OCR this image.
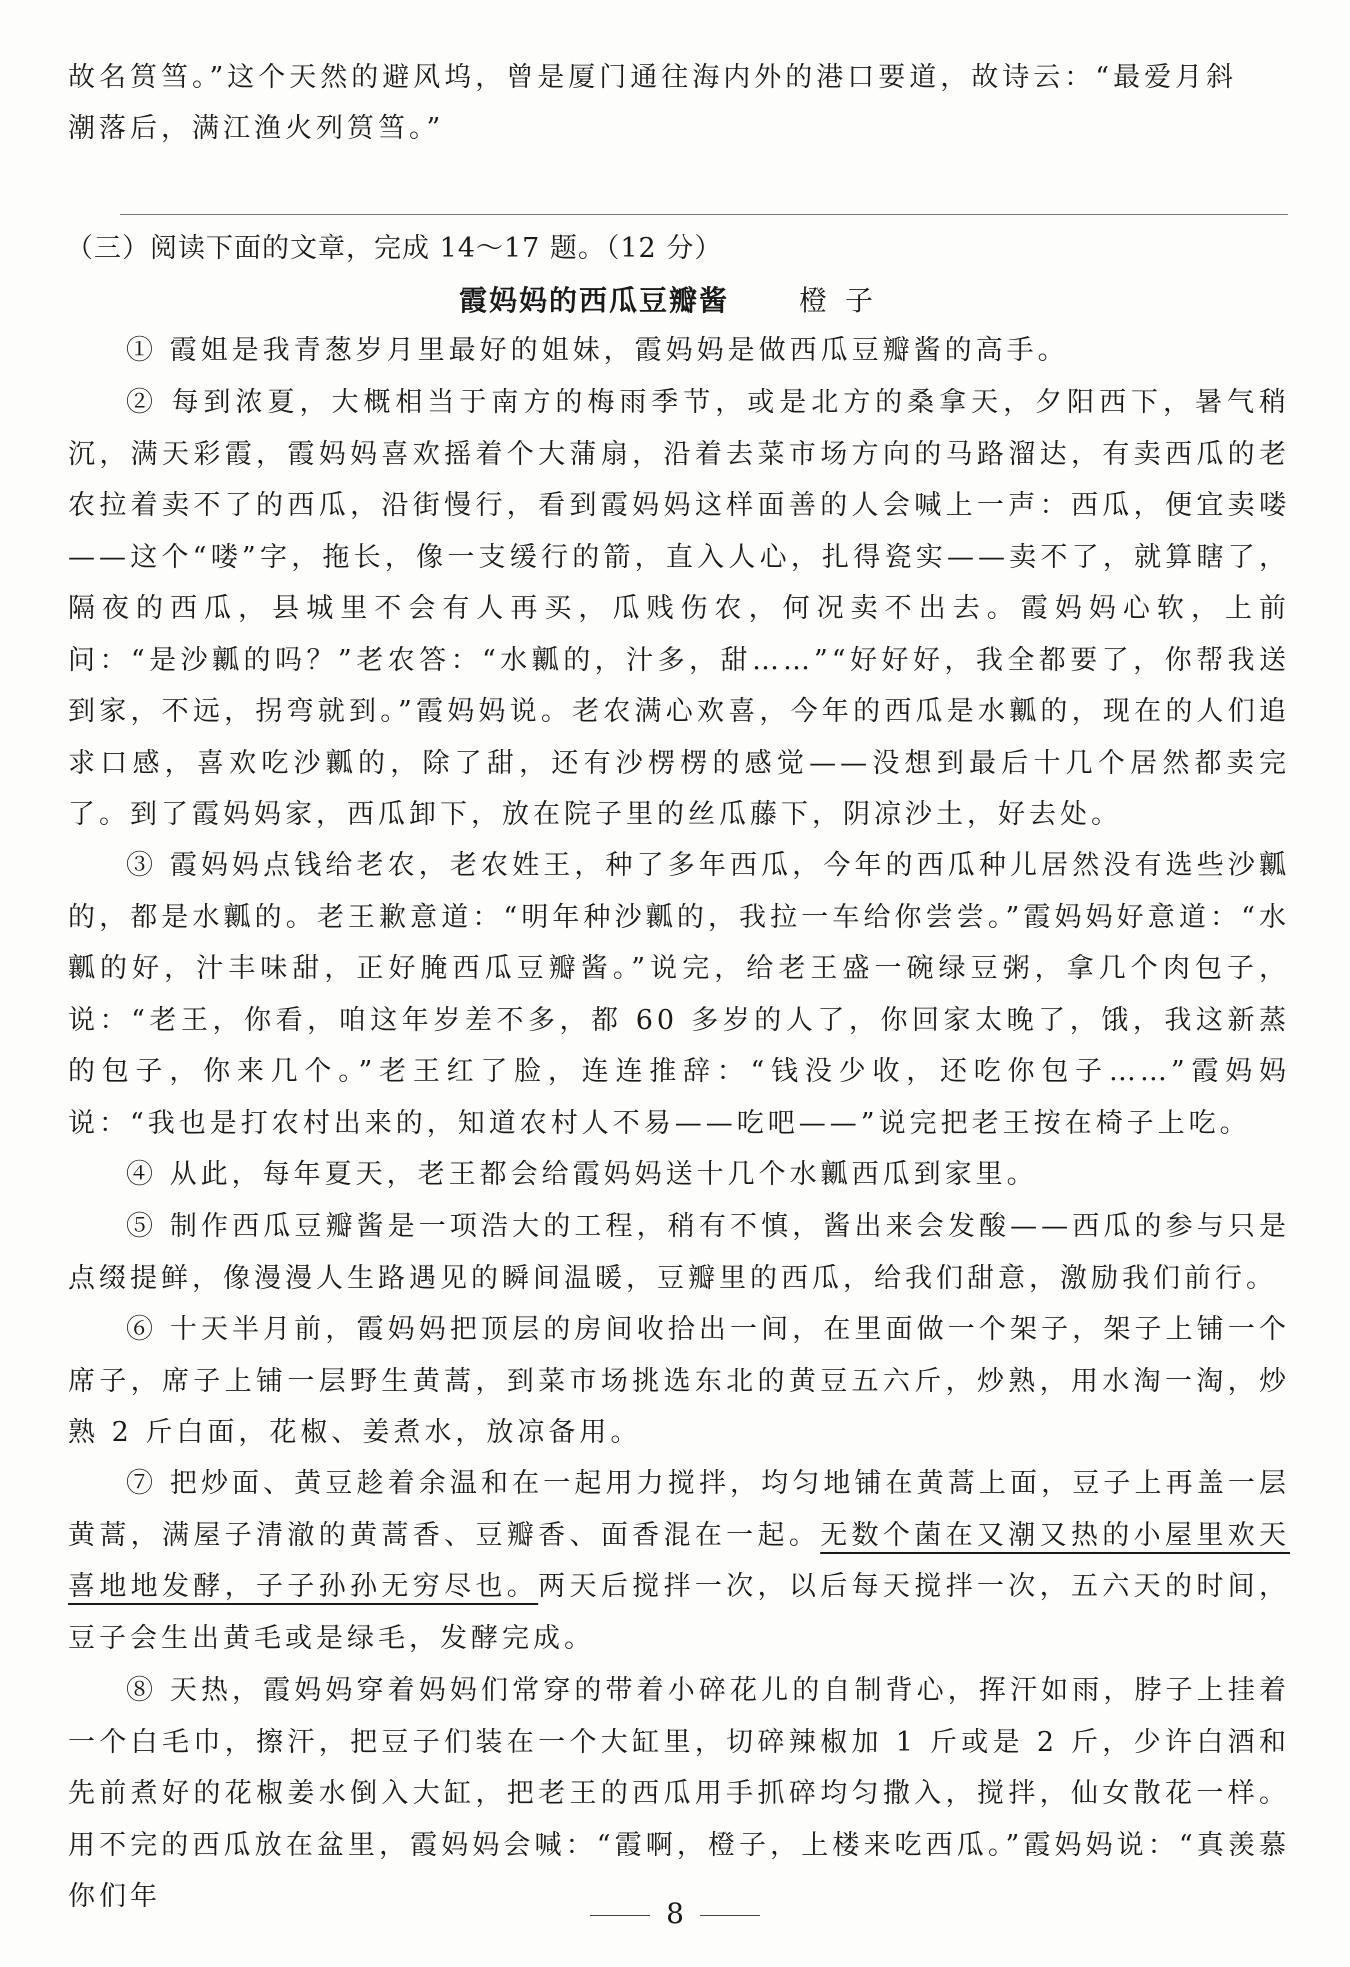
故名筼筜。”这个天然的避风坞，曾是厦门通往海内外的港口要道，故诗云：“最爱月斜

潮落后，满江渔火列筼筜。”

（三）阅读下面的文章，完成 14～17 题。（12 分）
霞妈妈的西瓜豆瓣酱	橙子

① 霞姐是我青葱岁月里最好的姐妹，霞妈妈是做西瓜豆瓣酱的高手。

② 每到浓夏，大概相当于南方的梅雨季节，或是北方的桑拿天，夕阳西下，暑气稍沉，满天彩霞，霞妈妈喜欢摇着个大蒲扇，沿着去菜市场方向的马路溜达，有卖西瓜的老农拉着卖不了的西瓜，沿街慢行，看到霞妈妈这样面善的人会喊上一声：西瓜，便宜卖喽——这个“喽”字，拖长，像一支缓行的箭，直入人心，扎得瓷实——卖不了，就算瞎了，隔夜的西瓜，县城里不会有人再买，瓜贱伤农，何况卖不出去。霞妈妈心软，上前问：“是沙瓤的吗？”老农答：“水瓤的，汁多，甜……”“好好好，我全都要了，你帮我送到家，不远，拐弯就到。”霞妈妈说。老农满心欢喜，今年的西瓜是水瓤的，现在的人们追求口感，喜欢吃沙瓤的，除了甜，还有沙楞楞的感觉——没想到最后十几个居然都卖完了。到了霞妈妈家，西瓜卸下，放在院子里的丝瓜藤下，阴凉沙土，好去处。

③ 霞妈妈点钱给老农，老农姓王，种了多年西瓜，今年的西瓜种儿居然没有选些沙瓤的，都是水瓤的。老王歉意道：“明年种沙瓤的，我拉一车给你尝尝。”霞妈妈好意道：“水瓤的好，汁丰味甜，正好腌西瓜豆瓣酱。”说完，给老王盛一碗绿豆粥，拿几个肉包子，说：“老王，你看，咱这年岁差不多，都 60 多岁的人了，你回家太晚了，饿，我这新蒸的包子，你来几个。”老王红了脸，连连推辞：“钱没少收，还吃你包子……”霞妈妈说：“我也是打农村出来的，知道农村人不易——吃吧——”说完把老王按在椅子上吃。

④ 从此，每年夏天，老王都会给霞妈妈送十几个水瓤西瓜到家里。

⑤ 制作西瓜豆瓣酱是一项浩大的工程，稍有不慎，酱出来会发酸——西瓜的参与只是点缀提鲜，像漫漫人生路遇见的瞬间温暖，豆瓣里的西瓜，给我们甜意，激励我们前行。

⑥ 十天半月前，霞妈妈把顶层的房间收拾出一间，在里面做一个架子，架子上铺一个席子，席子上铺一层野生黄蒿，到菜市场挑选东北的黄豆五六斤，炒熟，用水淘一淘，炒熟 2 斤白面，花椒、姜煮水，放凉备用。

⑦ 把炒面、黄豆趁着余温和在一起用力搅拌，均匀地铺在黄蒿上面，豆子上再盖一层黄蒿，满屋子清澈的黄蒿香、豆瓣香、面香混在一起。无数个菌在又潮又热的小屋里欢天喜地地发酵，子子孙孙无穷尽也。两天后搅拌一次，以后每天搅拌一次，五六天的时间，豆子会生出黄毛或是绿毛，发酵完成。

⑧ 天热，霞妈妈穿着妈妈们常穿的带着小碎花儿的自制背心，挥汗如雨，脖子上挂着一个白毛巾，擦汗，把豆子们装在一个大缸里，切碎辣椒加 1 斤或是 2 斤，少许白酒和先前煮好的花椒姜水倒入大缸，把老王的西瓜用手抓碎均匀撒入，搅拌，仙女散花一样。用不完的西瓜放在盆里，霞妈妈会喊：“霞啊，橙子，上楼来吃西瓜。”霞妈妈说：“真羡慕你们年

8
